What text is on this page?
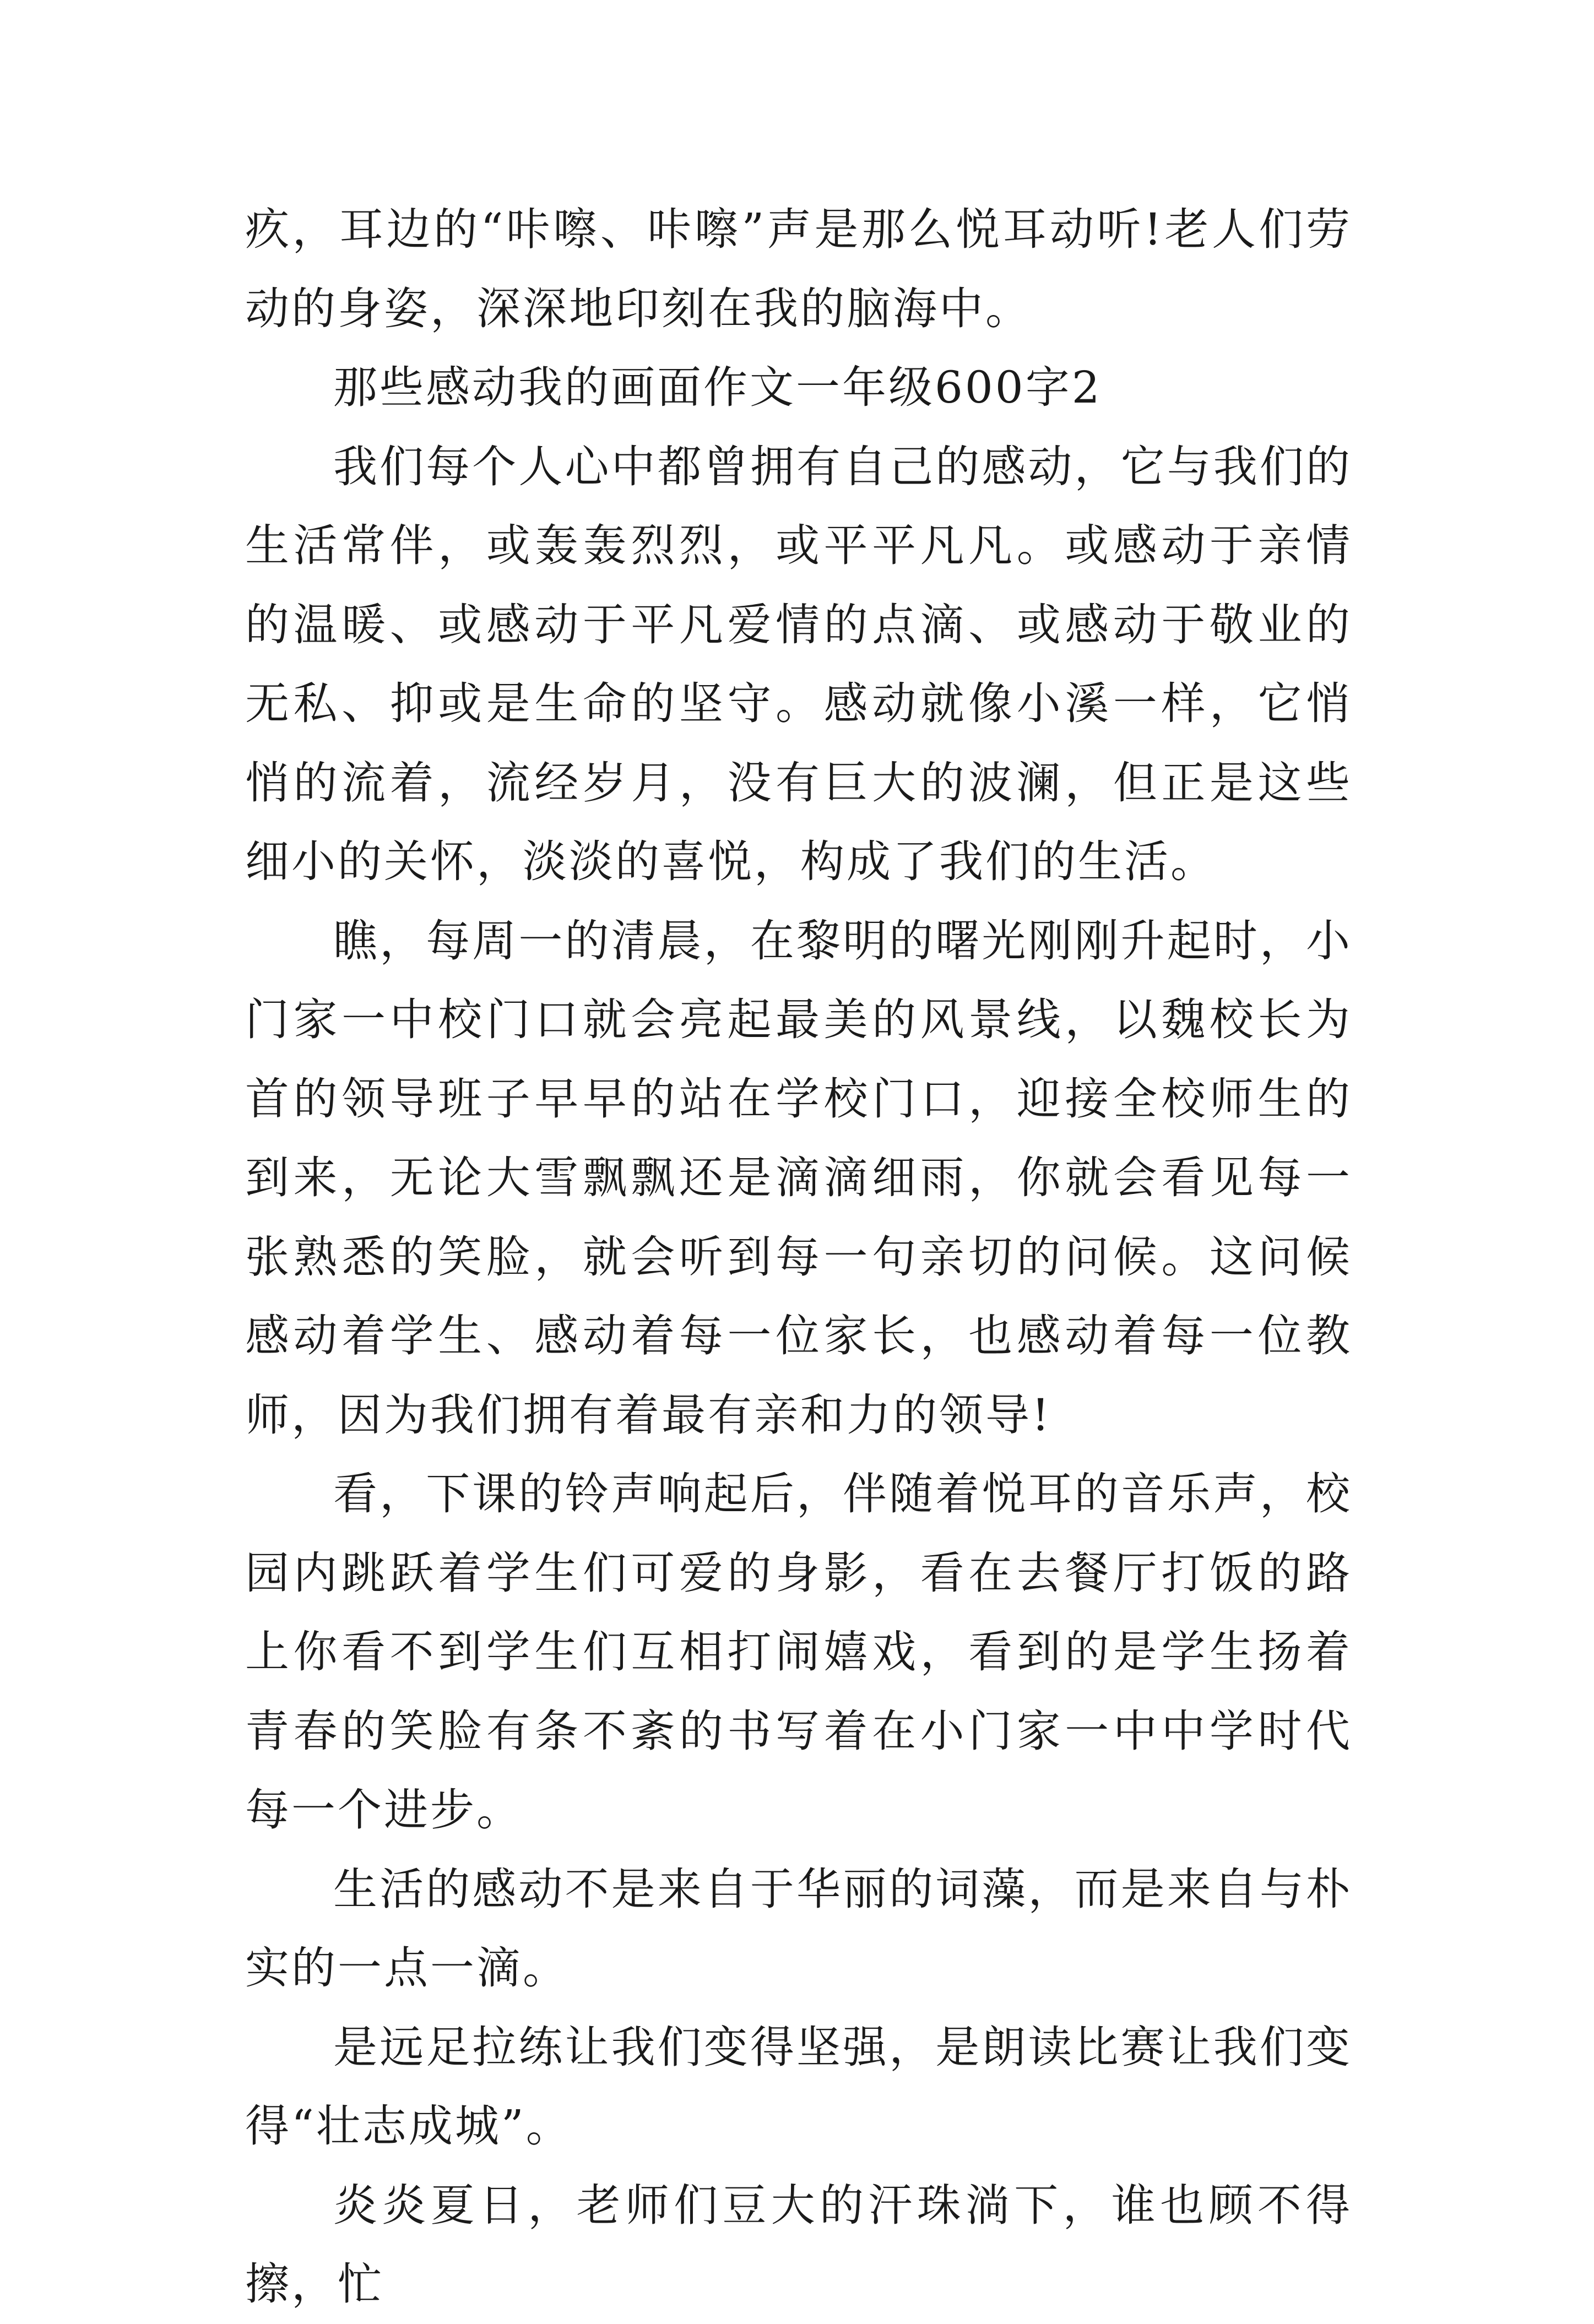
疚，耳边的“咔嚓、咔嚓”声是那么悦耳动听!老人们劳动的身姿，深深地印刻在我的脑海中。

那些感动我的画面作文一年级600字2

我们每个人心中都曾拥有自己的感动，它与我们的生活常伴，或轰轰烈烈，或平平凡凡。或感动于亲情的温暖、或感动于平凡爱情的点滴、或感动于敬业的无私、抑或是生命的坚守。感动就像小溪一样，它悄悄的流着，流经岁月，没有巨大的波澜，但正是这些细小的关怀，淡淡的喜悦，构成了我们的生活。

瞧，每周一的清晨，在黎明的曙光刚刚升起时，小门家一中校门口就会亮起最美的风景线，以魏校长为首的领导班子早早的站在学校门口，迎接全校师生的到来，无论大雪飘飘还是滴滴细雨，你就会看见每一张熟悉的笑脸，就会听到每一句亲切的问候。这问候感动着学生、感动着每一位家长，也感动着每一位教师，因为我们拥有着最有亲和力的领导!

看，下课的铃声响起后，伴随着悦耳的音乐声，校园内跳跃着学生们可爱的身影，看在去餐厅打饭的路上你看不到学生们互相打闹嬉戏，看到的是学生扬着青春的笑脸有条不紊的书写着在小门家一中中学时代每一个进步。

生活的感动不是来自于华丽的词藻，而是来自与朴实的一点一滴。

是远足拉练让我们变得坚强，是朗读比赛让我们变得“壮志成城”。

炎炎夏日，老师们豆大的汗珠淌下，谁也顾不得擦，忙
